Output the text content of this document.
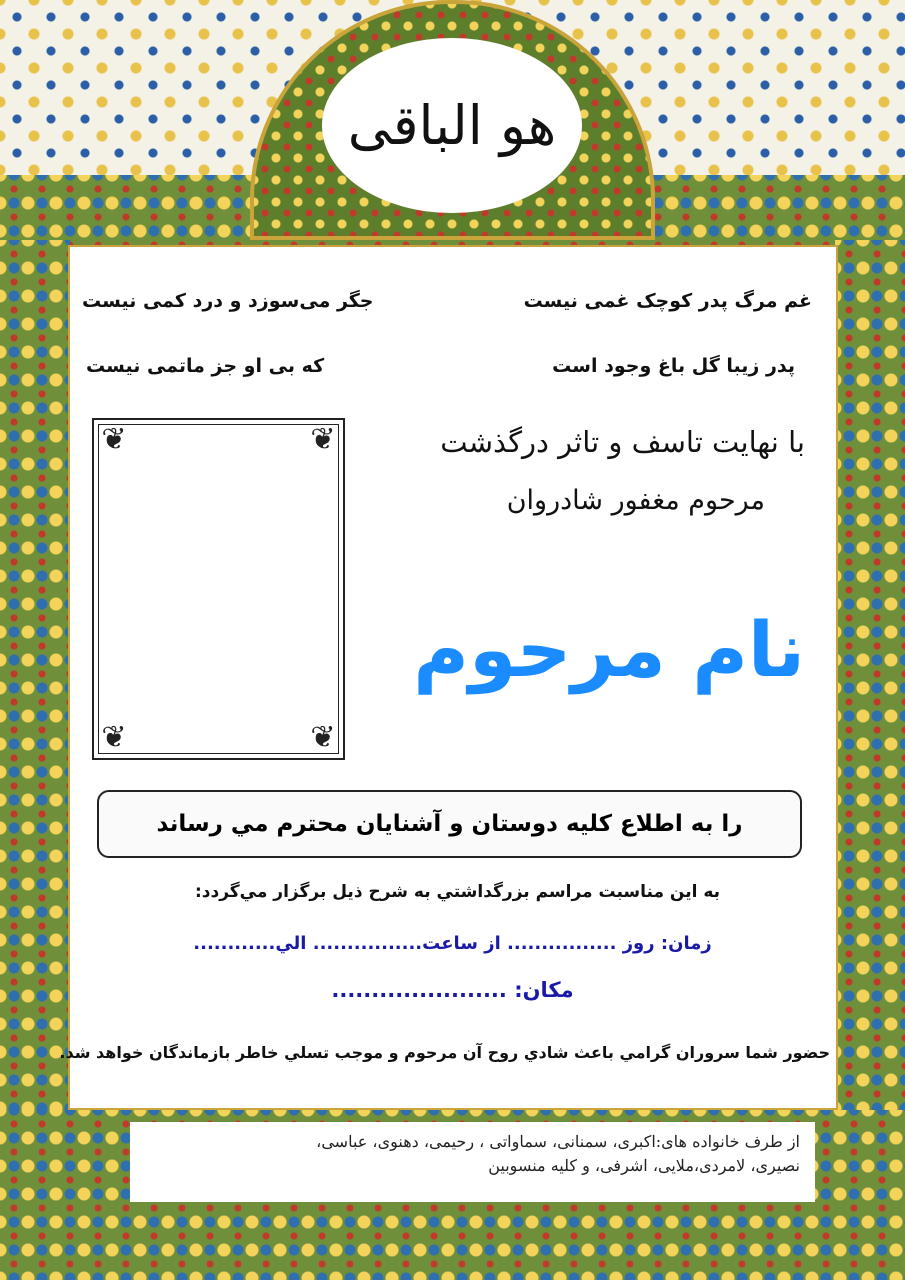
هو الباقی
غم مرگ پدر کوچک غمی نیست
جگر می‌سوزد و درد کمی نیست
پدر زیبا گل باغ وجود است
که بی او جز ماتمی نیست
❦	❦
❦	❦
با نهایت تاسف و تاثر درگذشت
مرحوم مغفور شادروان
نام مرحوم
را به اطلاع کلیه دوستان و آشنایان محترم مي رساند
به اين مناسبت مراسم بزرگداشتي به شرح ذيل برگزار مي‌گردد:
زمان: روز ................ از ساعت................ الي............
مکان: ......................
حضور شما سروران گرامي باعث شادي روح آن مرحوم و موجب تسلي خاطر بازماندگان خواهد شد.
از طرف خانواده های:اکبری، سمنانی، سماواتی ، رحیمی، دهنوی، عباسی،
نصیری، لامردی،ملایی، اشرفی، و کلیه منسوبین
